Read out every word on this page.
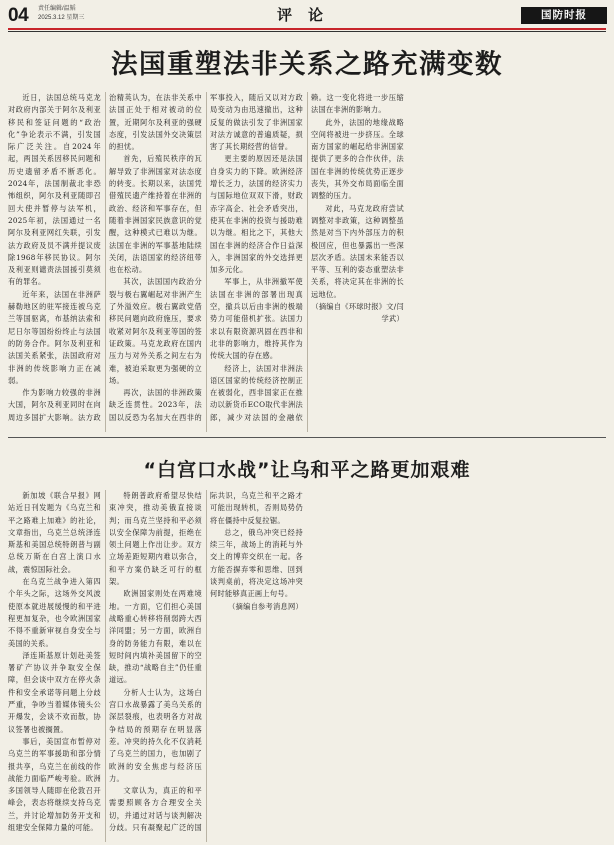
04 责任编辑/温韬
2025.3.12 星期三	评论	国防时报
法国重塑法非关系之路充满变数

近日，法国总统马克龙对政府内部关于阿尔及利亚移民和签证问题的“政治化”争论表示不满，引发国际广泛关注。自2024年起，两国关系因移民问题和历史遗留矛盾不断恶化。2024年，法国制裁北非恐怖组织，阿尔及利亚随即召回大使并暂停与法军机，2025年初，法国通过一名阿尔及利亚网红失联，引发法方政府及员不满并提议废除1968年移民协议。阿尔及利亚则谴责法国援引莫须有的罪名。

近年来，法国在非洲萨赫勒地区的驻军接连被乌克兰等国驱离，布基纳法索和尼日尔等国纷纷终止与法国的防务合作。阿尔及利亚和法国关系紧张，法国政府对非洲的传统影响力正在减弱。

作为影响力较强的非洲大国，阿尔及利亚同时在向周边多国扩大影响。法方政治精英认为，在法非关系中法国正处于相对被动的位置，近期阿尔及利亚的强硬态度，引发法国外交决策层的担忧。

首先，后殖民秩序的瓦解导致了非洲国家对法态度的转变。长期以来，法国凭借殖民遗产维持着在非洲的政治、经济和军事存在，但随着非洲国家民族意识的觉醒，这种模式已难以为继。法国在非洲的军事基地陆续关闭，法语国家的经济纽带也在松动。

其次，法国国内政治分裂与极右翼崛起对非洲产生了外溢效应。极右翼政党借移民问题向政府施压，要求收紧对阿尔及利亚等国的签证政策。马克龙政府在国内压力与对外关系之间左右为难，被迫采取更为强硬的立场。

再次，法国的非洲政策缺乏连贯性。2023年，法国以反恐为名加大在西非的军事投入，随后又以对方政局变动为由迅速撤出，这种反复的做法引发了非洲国家对法方诚意的普遍质疑，损害了其长期经营的信誉。

更主要的原因还是法国自身实力的下降。欧洲经济增长乏力，法国的经济实力与国际地位双双下滑，财政赤字高企、社会矛盾突出，使其在非洲的投资与援助难以为继。相比之下，其他大国在非洲的经济合作日益深入，非洲国家的外交选择更加多元化。

军事上，从非洲撤军使法国在非洲的部署出现真空，撤兵以后由非洲的极端势力可能借机扩张。法国力求以有限资源巩固在西非和北非的影响力，维持其作为传统大国的存在感。

经济上，法国对非洲法语区国家的传统经济控制正在被弱化，西非国家正在推动以新货币ECO取代非洲法郎，减少对法国的金融依赖。这一变化将进一步压缩法国在非洲的影响力。

此外，法国的地缘战略空间将被进一步挤压。全球南方国家的崛起给非洲国家提供了更多的合作伙伴，法国在非洲的传统优势正逐步丧失，其外交布局面临全面调整的压力。

对此，马克龙政府尝试调整对非政策，这种调整虽然是对当下内外部压力的积极回应，但也暴露出一些深层次矛盾。法国未来能否以平等、互利的姿态重塑法非关系，将决定其在非洲的长远地位。

（摘编自《环球时报》文/闫学武）

“白宫口水战”让乌和平之路更加艰难

新加坡《联合早报》网站近日刊发题为《乌克兰和平之路难上加难》的社论，文章指出，乌克兰总统泽连斯基和美国总统特朗普与副总统万斯在白宫上演口水战，震惊国际社会。

在乌克兰战争进入第四个年头之际，这场外交风波使原本就进展缓慢的和平进程更加复杂，也令欧洲国家不得不重新审视自身安全与美国的关系。

泽连斯基原计划赴美签署矿产协议并争取安全保障，但会谈中双方在停火条件和安全承诺等问题上分歧严重，争吵当着媒体镜头公开爆发，会谈不欢而散，协议签署也被搁置。

事后，美国宣布暂停对乌克兰的军事援助和部分情报共享，乌克兰在前线的作战能力面临严峻考验。欧洲多国领导人随即在伦敦召开峰会，表态将继续支持乌克兰，并讨论增加防务开支和组建安全保障力量的可能。

特朗普政府希望尽快结束冲突，推动美俄直接谈判；而乌克兰坚持和平必须以安全保障为前提，拒绝在领土问题上作出让步。双方立场差距短期内难以弥合，和平方案仍缺乏可行的框架。

欧洲国家则处在两难境地。一方面，它们担心美国战略重心转移将削弱跨大西洋同盟；另一方面，欧洲自身的防务能力有限，难以在短时间内填补美国留下的空缺，推动“战略自主”仍任重道远。

分析人士认为，这场白宫口水战暴露了美乌关系的深层裂痕，也表明各方对战争结局的预期存在明显落差。冲突的持久化不仅消耗了乌克兰的国力，也加剧了欧洲的安全焦虑与经济压力。

文章认为，真正的和平需要照顾各方合理安全关切，并通过对话与谈判解决分歧。只有凝聚起广泛的国际共识，乌克兰和平之路才可能出现转机，否则局势仍将在僵持中反复拉锯。

总之，俄乌冲突已经持续三年，战场上的消耗与外交上的博弈交织在一起。各方能否摒弃零和思维、回到谈判桌前，将决定这场冲突何时能够真正画上句号。

（摘编自参考消息网）
